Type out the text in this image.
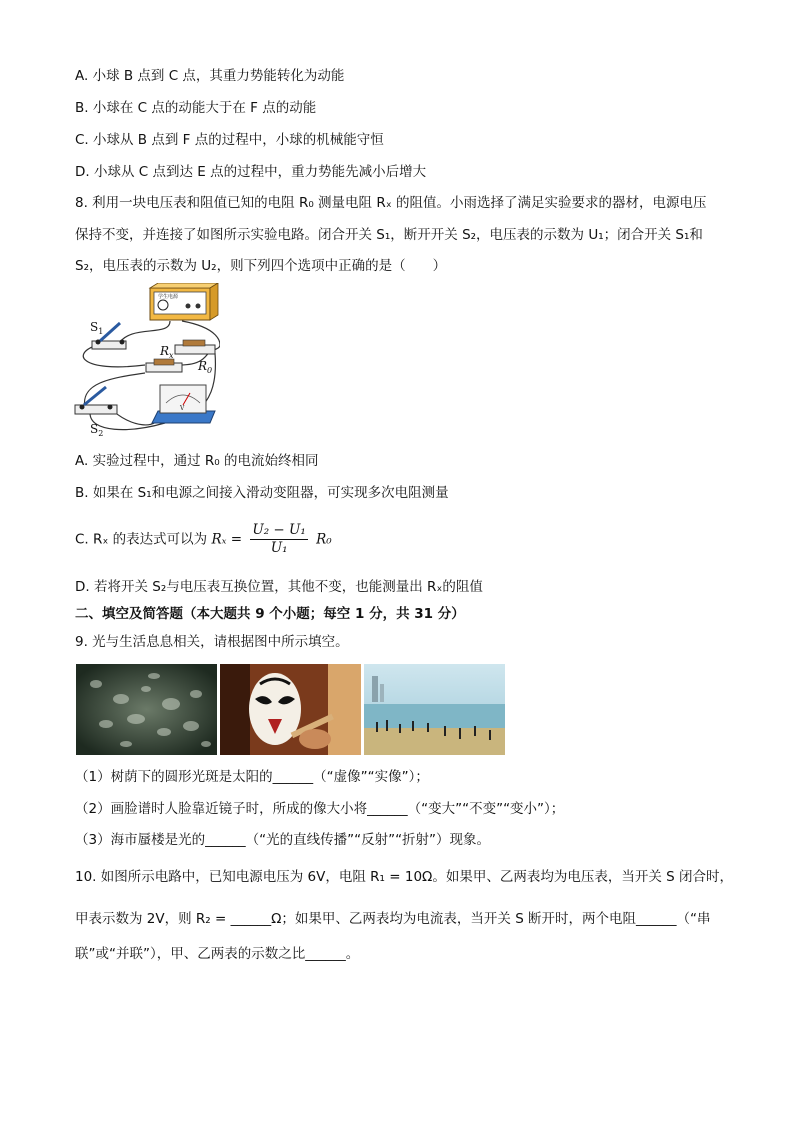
A. 小球 B 点到 C 点，其重力势能转化为动能
B. 小球在 C 点的动能大于在 F 点的动能
C. 小球从 B 点到 F 点的过程中，小球的机械能守恒
D. 小球从 C 点到达 E 点的过程中，重力势能先减小后增大
8. 利用一块电压表和阻值已知的电阻 R₀ 测量电阻 Rₓ 的阻值。小雨选择了满足实验要求的器材，电源电压
保持不变，并连接了如图所示实验电路。闭合开关 S₁，断开开关 S₂，电压表的示数为 U₁；闭合开关 S₁和
S₂，电压表的示数为 U₂，则下列四个选项中正确的是（　　）
学生电源
$S_1$
$R_x$
$R_0$
$S_2$
V
A. 实验过程中，通过 R₀ 的电流始终相同
B. 如果在 S₁和电源之间接入滑动变阻器，可实现多次电阻测量
C. Rₓ 的表达式可以为 $R_x = \frac{\text{U₂ − U₁}}{\text{U₁}} R_0$
D. 若将开关 S₂与电压表互换位置，其他不变，也能测量出 Rₓ的阻值
二、填空及简答题（本大题共 9 个小题；每空 1 分，共 31 分）
9. 光与生活息息相关，请根据图中所示填空。
（1）树荫下的圆形光斑是太阳的______（“虚像”“实像”）；
（2）画脸谱时人脸靠近镜子时，所成的像大小将______（“变大”“不变”“变小”）；
（3）海市蜃楼是光的______（“光的直线传播”“反射”“折射”）现象。
10. 如图所示电路中，已知电源电压为 6V，电阻 R₁ = 10Ω。如果甲、乙两表均为电压表，当开关 S 闭合时，
甲表示数为 2V，则 R₂ = ______Ω；如果甲、乙两表均为电流表，当开关 S 断开时，两个电阻______（“串
联”或“并联”），甲、乙两表的示数之比______。
